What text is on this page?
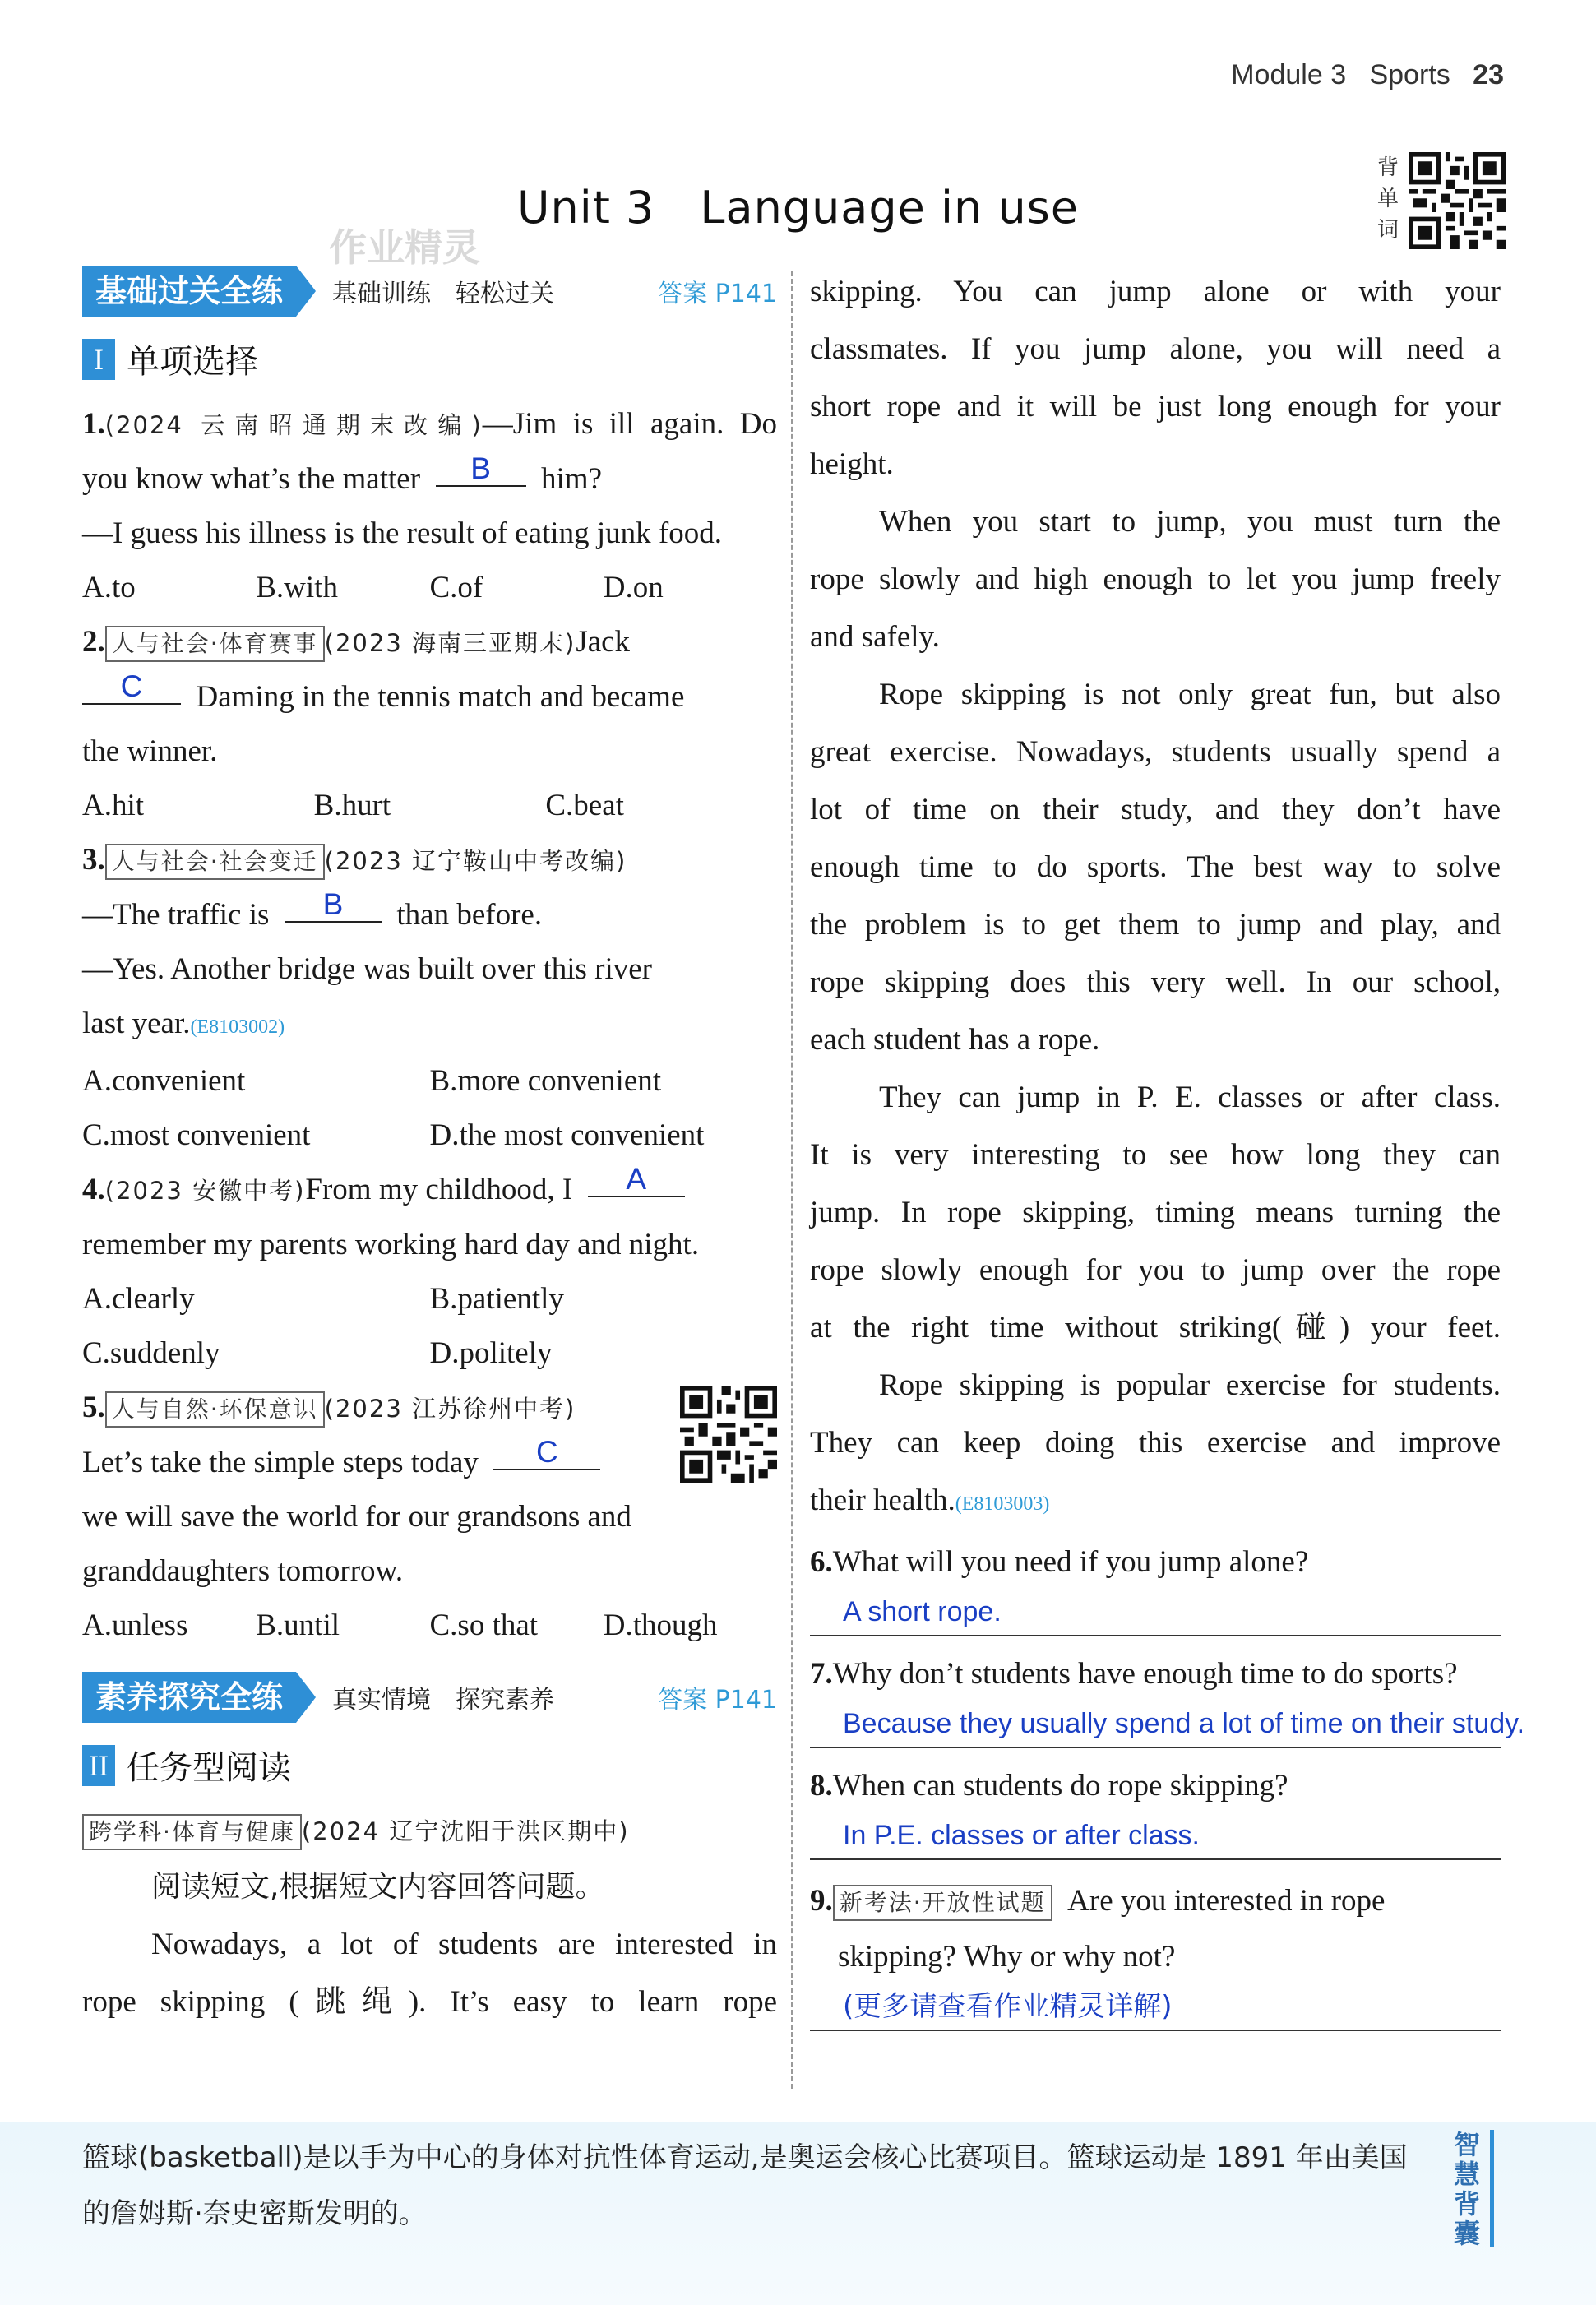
Module 3 Sports 23
Unit 3　Language in use
背
单
词
作业精灵
基础过关全练	基础训练　轻松过关	答案 P141
I 单项选择
1.(2024 云南昭通期末改编)—Jim is ill again. Do
you know what’s the matter B him?
—I guess his illness is the result of eating junk food.
A.to	B.with	C.of	D.on
2. 人与社会·体育赛事 (2023 海南三亚期末)Jack
C Daming in the tennis match and became
the winner.
A.hit	B.hurt	C.beat
3. 人与社会·社会变迁 (2023 辽宁鞍山中考改编)
—The traffic is B than before.
—Yes. Another bridge was built over this river
last year.(E8103002)
A.convenient	B.more convenient
C.most convenient	D.the most convenient
4.(2023 安徽中考)From my childhood, I A
remember my parents working hard day and night.
A.clearly	B.patiently
C.suddenly	D.politely
5. 人与自然·环保意识 (2023 江苏徐州中考)
Let’s take the simple steps today C
we will save the world for our grandsons and
granddaughters tomorrow.
A.unless	B.until	C.so that	D.though
素养探究全练	真实情境　探究素养	答案 P141
II 任务型阅读
跨学科·体育与健康 (2024 辽宁沈阳于洪区期中)
阅读短文,根据短文内容回答问题。
Nowadays, a lot of students are interested in
rope skipping (跳绳). It’s easy to learn rope
skipping. You can jump alone or with your
classmates. If you jump alone, you will need a
short rope and it will be just long enough for your
height.
When you start to jump, you must turn the
rope slowly and high enough to let you jump freely
and safely.
Rope skipping is not only great fun, but also
great exercise. Nowadays, students usually spend a
lot of time on their study, and they don’t have
enough time to do sports. The best way to solve
the problem is to get them to jump and play, and
rope skipping does this very well. In our school,
each student has a rope.
They can jump in P. E. classes or after class.
It is very interesting to see how long they can
jump. In rope skipping, timing means turning the
rope slowly enough for you to jump over the rope
at the right time without striking(碰) your feet.
Rope skipping is popular exercise for students.
They can keep doing this exercise and improve
their health.(E8103003)
6.What will you need if you jump alone?
A short rope.
7.Why don’t students have enough time to do sports?
Because they usually spend a lot of time on their study.
8.When can students do rope skipping?
In P.E. classes or after class.
9. 新考法·开放性试题 Are you interested in rope
skipping? Why or why not?
(更多请查看作业精灵详解)
篮球(basketball)是以手为中心的身体对抗性体育运动,是奥运会核心比赛项目。篮球运动是 1891 年由美国的詹姆斯·奈史密斯发明的。
智慧背囊
